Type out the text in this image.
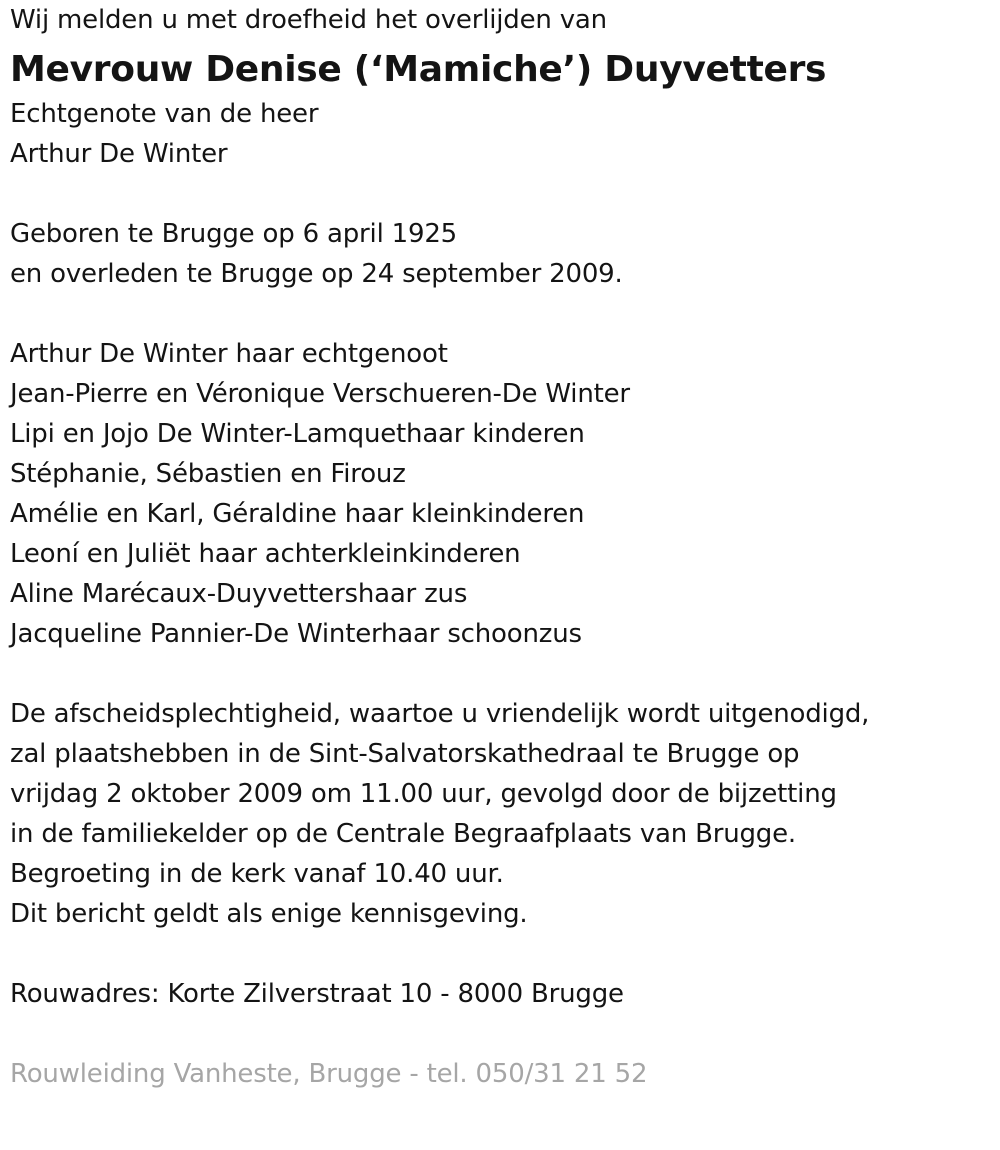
Wij melden u met droefheid het overlijden van
Mevrouw Denise (‘Mamiche’) Duyvetters
Echtgenote van de heer
Arthur De Winter
Geboren te Brugge op 6 april 1925
en overleden te Brugge op 24 september 2009.
Arthur De Winter haar echtgenoot
Jean-Pierre en Véronique Verschueren-De Winter
Lipi en Jojo De Winter-Lamquethaar kinderen
Stéphanie, Sébastien en Firouz
Amélie en Karl, Géraldine haar kleinkinderen
Leoní en Juliët haar achterkleinkinderen
Aline Marécaux-Duyvettershaar zus
Jacqueline Pannier-De Winterhaar schoonzus
De afscheidsplechtigheid, waartoe u vriendelijk wordt uitgenodigd,
zal plaatshebben in de Sint-Salvatorskathedraal te Brugge op
vrijdag 2 oktober 2009 om 11.00 uur, gevolgd door de bijzetting
in de familiekelder op de Centrale Begraafplaats van Brugge.
Begroeting in de kerk vanaf 10.40 uur.
Dit bericht geldt als enige kennisgeving.
Rouwadres: Korte Zilverstraat 10 - 8000 Brugge
Rouwleiding Vanheste, Brugge - tel. 050/31 21 52
